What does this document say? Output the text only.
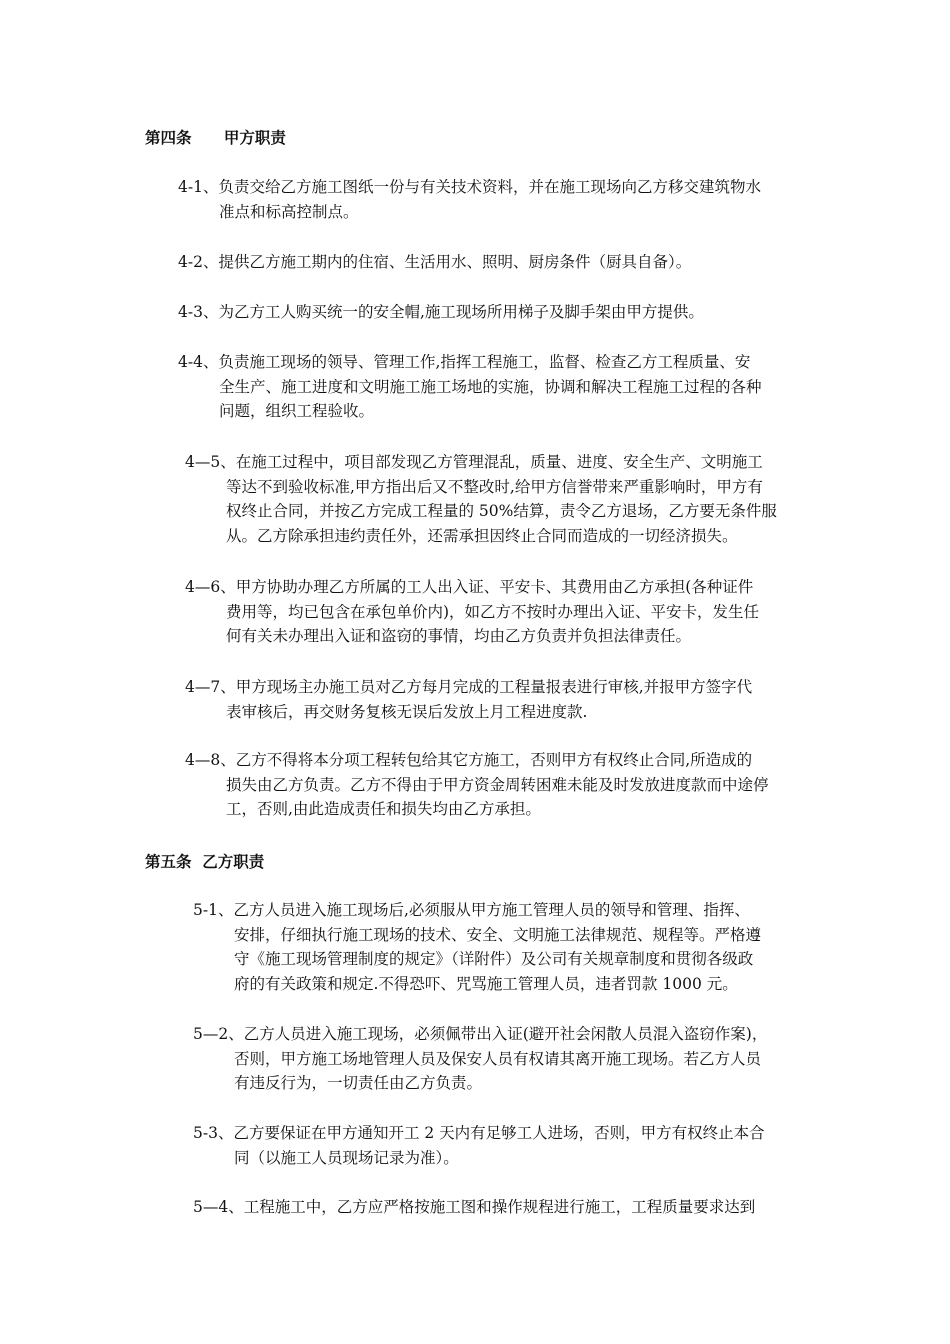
第四条      甲方职责
4-1、负责交给乙方施工图纸一份与有关技术资料，并在施工现场向乙方移交建筑物水
准点和标高控制点。
4-2、提供乙方施工期内的住宿、生活用水、照明、厨房条件（厨具自备）。
4-3、为乙方工人购买统一的安全帽,施工现场所用梯子及脚手架由甲方提供。
4-4、负责施工现场的领导、管理工作,指挥工程施工，监督、检查乙方工程质量、安
全生产、施工进度和文明施工施工场地的实施，协调和解决工程施工过程的各种
问题，组织工程验收。
4—5、在施工过程中，项目部发现乙方管理混乱，质量、进度、安全生产、文明施工
等达不到验收标准,甲方指出后又不整改时,给甲方信誉带来严重影响时，甲方有
权终止合同，并按乙方完成工程量的 50%结算，责令乙方退场，乙方要无条件服
从。乙方除承担违约责任外，还需承担因终止合同而造成的一切经济损失。
4—6、甲方协助办理乙方所属的工人出入证、平安卡、其费用由乙方承担(各种证件
费用等，均已包含在承包单价内)，如乙方不按时办理出入证、平安卡，发生任
何有关未办理出入证和盗窃的事情，均由乙方负责并负担法律责任。
4—7、甲方现场主办施工员对乙方每月完成的工程量报表进行审核,并报甲方签字代
表审核后，再交财务复核无误后发放上月工程进度款.
4—8、乙方不得将本分项工程转包给其它方施工，否则甲方有权终止合同,所造成的
损失由乙方负责。乙方不得由于甲方资金周转困难未能及时发放进度款而中途停
工，否则,由此造成责任和损失均由乙方承担。
第五条  乙方职责
5-1、乙方人员进入施工现场后,必须服从甲方施工管理人员的领导和管理、指挥、
安排，仔细执行施工现场的技术、安全、文明施工法律规范、规程等。严格遵
守《施工现场管理制度的规定》（详附件）及公司有关规章制度和贯彻各级政
府的有关政策和规定.不得恐吓、咒骂施工管理人员，违者罚款 1000 元。
5—2、乙方人员进入施工现场，必须佩带出入证(避开社会闲散人员混入盗窃作案)，
否则，甲方施工场地管理人员及保安人员有权请其离开施工现场。若乙方人员
有违反行为，一切责任由乙方负责。
5-3、乙方要保证在甲方通知开工 2 天内有足够工人进场，否则，甲方有权终止本合
同（以施工人员现场记录为准）。
5—4、工程施工中，乙方应严格按施工图和操作规程进行施工，工程质量要求达到
